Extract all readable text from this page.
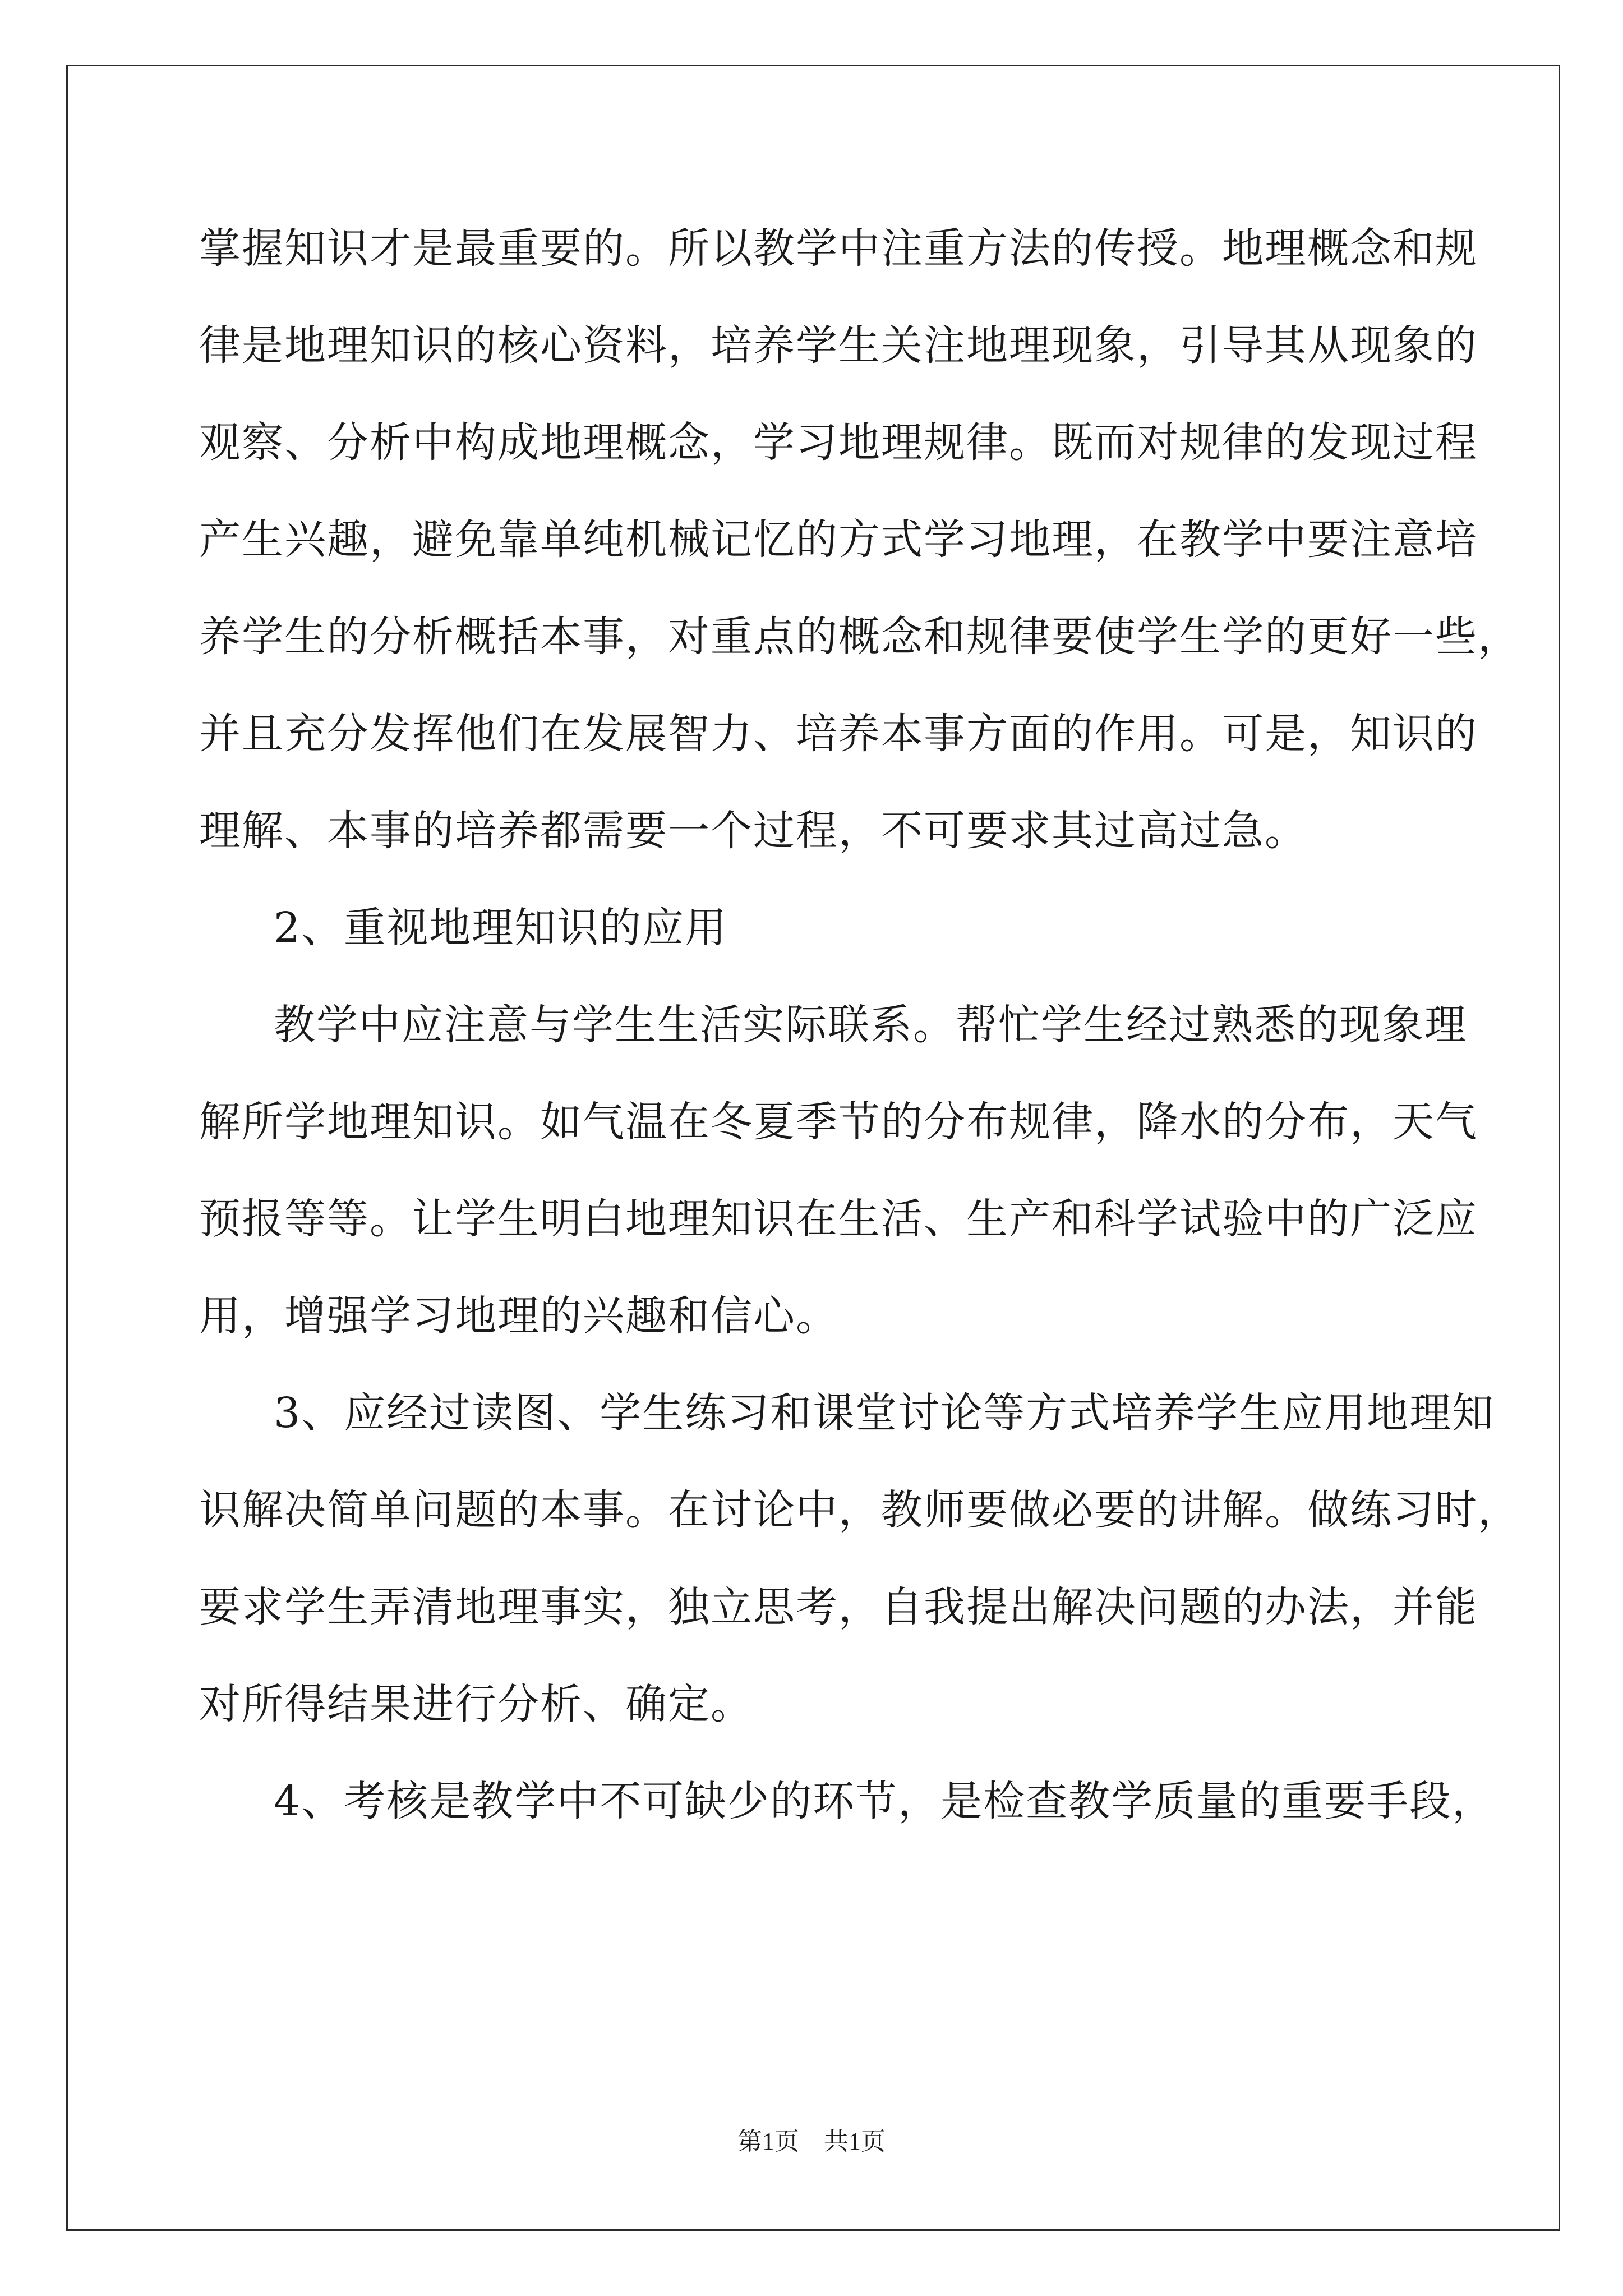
掌握知识才是最重要的。所以教学中注重方法的传授。地理概念和规
律是地理知识的核心资料，培养学生关注地理现象，引导其从现象的
观察、分析中构成地理概念，学习地理规律。既而对规律的发现过程
产生兴趣，避免靠单纯机械记忆的方式学习地理，在教学中要注意培
养学生的分析概括本事，对重点的概念和规律要使学生学的更好一些，
并且充分发挥他们在发展智力、培养本事方面的作用。可是，知识的
理解、本事的培养都需要一个过程，不可要求其过高过急。
2、重视地理知识的应用
教学中应注意与学生生活实际联系。帮忙学生经过熟悉的现象理
解所学地理知识。如气温在冬夏季节的分布规律，降水的分布，天气
预报等等。让学生明白地理知识在生活、生产和科学试验中的广泛应
用，增强学习地理的兴趣和信心。
3、应经过读图、学生练习和课堂讨论等方式培养学生应用地理知
识解决简单问题的本事。在讨论中，教师要做必要的讲解。做练习时，
要求学生弄清地理事实，独立思考，自我提出解决问题的办法，并能
对所得结果进行分析、确定。
4、考核是教学中不可缺少的环节，是检查教学质量的重要手段，
第1页　共1页
